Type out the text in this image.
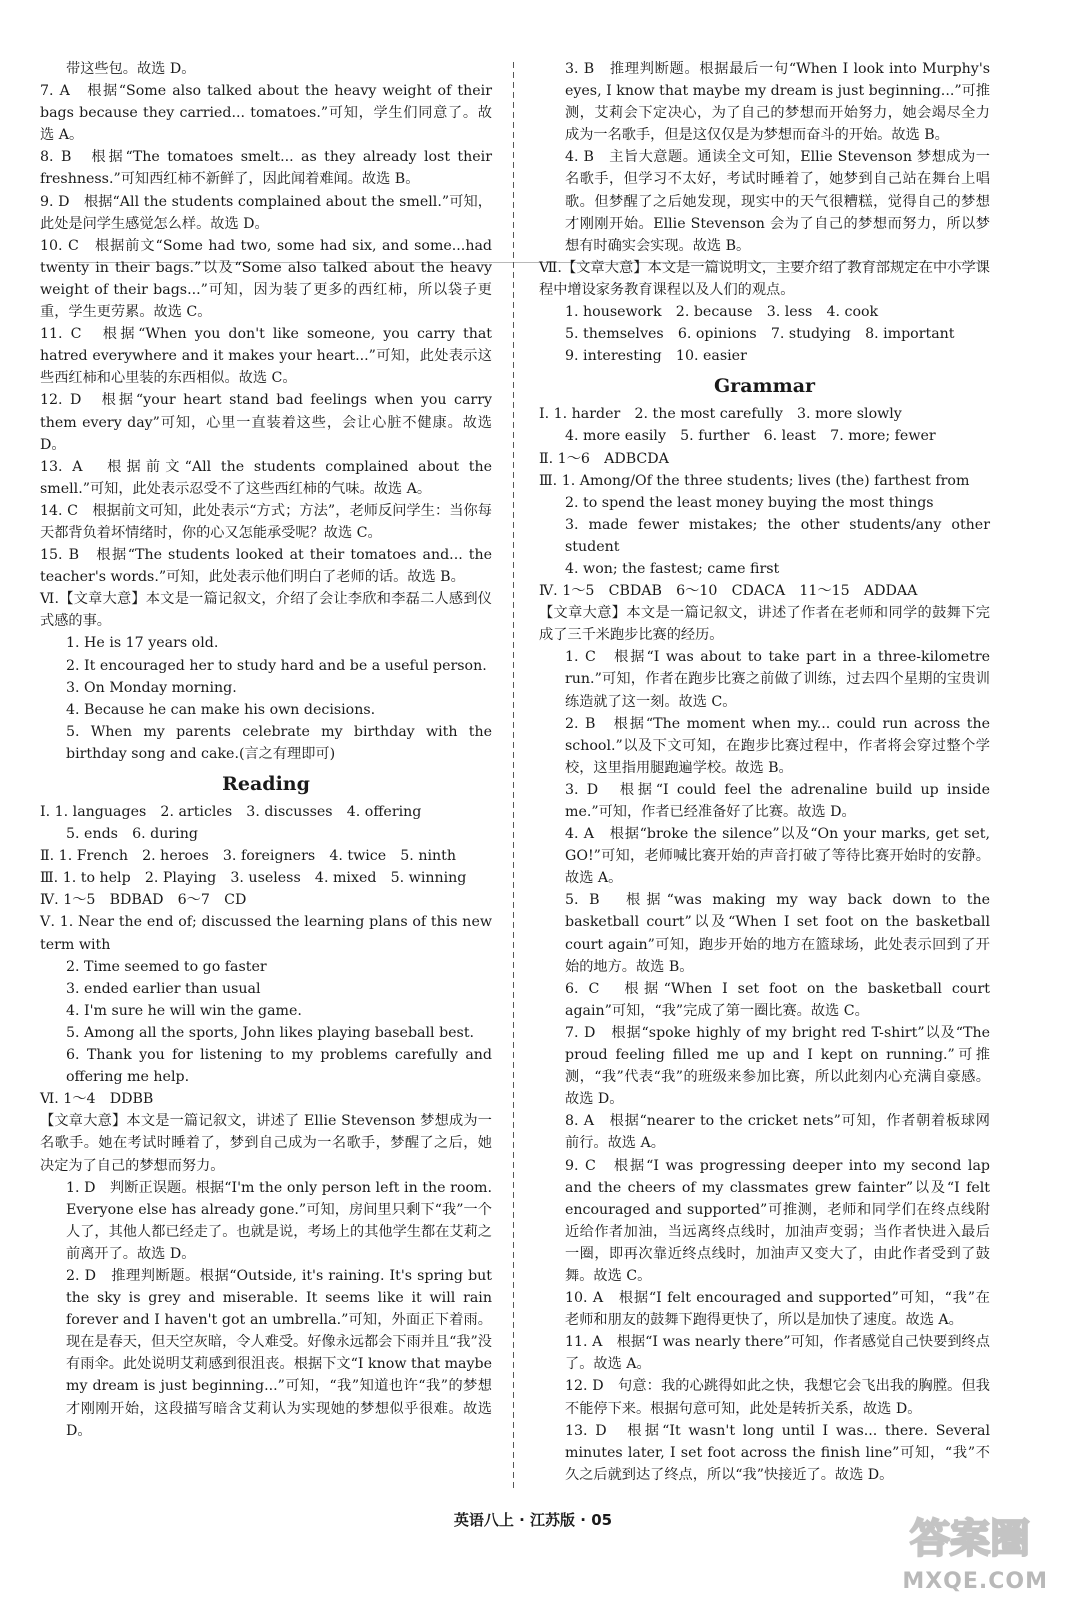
带这些包。故选 D。
7. A　根据“Some also talked about the heavy weight of their bags because they carried... tomatoes.”可知，学生们同意了。故选 A。
8. B　根据“The tomatoes smelt... as they already lost their freshness.”可知西红柿不新鲜了，因此闻着难闻。故选 B。
9. D　根据“All the students complained about the smell.”可知，此处是问学生感觉怎么样。故选 D。
10. C　根据前文“Some had two, some had six, and some...had twenty in their bags.”以及“Some also talked about the heavy weight of their bags...”可知，因为装了更多的西红柿，所以袋子更重，学生更劳累。故选 C。
11. C　根据“When you don't like someone, you carry that hatred everywhere and it makes your heart...”可知，此处表示这些西红柿和心里装的东西相似。故选 C。
12. D　根据“your heart stand bad feelings when you carry them every day”可知，心里一直装着这些，会让心脏不健康。故选 D。
13. A　根据前文“All the students complained about the smell.”可知，此处表示忍受不了这些西红柿的气味。故选 A。
14. C　根据前文可知，此处表示“方式；方法”，老师反问学生：当你每天都背负着坏情绪时，你的心又怎能承受呢？故选 C。
15. B　根据“The students looked at their tomatoes and... the teacher's words.”可知，此处表示他们明白了老师的话。故选 B。
Ⅵ.【文章大意】本文是一篇记叙文，介绍了会让李欣和李磊二人感到仪式感的事。
1. He is 17 years old.
2. It encouraged her to study hard and be a useful person.
3. On Monday morning.
4. Because he can make his own decisions.
5. When my parents celebrate my birthday with the birthday song and cake.(言之有理即可)
Reading
Ⅰ. 1. languages　2. articles　3. discusses　4. offering
5. ends　6. during
Ⅱ. 1. French　2. heroes　3. foreigners　4. twice　5. ninth
Ⅲ. 1. to help　2. Playing　3. useless　4. mixed　5. winning
Ⅳ. 1～5　BDBAD　6～7　CD
Ⅴ. 1. Near the end of; discussed the learning plans of this new term with
2. Time seemed to go faster
3. ended earlier than usual
4. I'm sure he will win the game.
5. Among all the sports, John likes playing baseball best.
6. Thank you for listening to my problems carefully and offering me help.
Ⅵ. 1～4　DDBB
【文章大意】本文是一篇记叙文，讲述了 Ellie Stevenson 梦想成为一名歌手。她在考试时睡着了，梦到自己成为一名歌手，梦醒了之后，她决定为了自己的梦想而努力。
1. D　判断正误题。根据“I'm the only person left in the room. Everyone else has already gone.”可知，房间里只剩下“我”一个人了，其他人都已经走了。也就是说，考场上的其他学生都在艾莉之前离开了。故选 D。
2. D　推理判断题。根据“Outside, it's raining. It's spring but the sky is grey and miserable. It seems like it will rain forever and I haven't got an umbrella.”可知，外面正下着雨。现在是春天，但天空灰暗，令人难受。好像永远都会下雨并且“我”没有雨伞。此处说明艾莉感到很沮丧。根据下文“I know that maybe my dream is just beginning...”可知，“我”知道也许“我”的梦想才刚刚开始，这段描写暗含艾莉认为实现她的梦想似乎很难。故选 D。
3. B　推理判断题。根据最后一句“When I look into Murphy's eyes, I know that maybe my dream is just beginning...”可推测，艾莉会下定决心，为了自己的梦想而开始努力，她会竭尽全力成为一名歌手，但是这仅仅是为梦想而奋斗的开始。故选 B。
4. B　主旨大意题。通读全文可知，Ellie Stevenson 梦想成为一名歌手，但学习不太好，考试时睡着了，她梦到自己站在舞台上唱歌。但梦醒了之后她发现，现实中的天气很糟糕，觉得自己的梦想才刚刚开始。Ellie Stevenson 会为了自己的梦想而努力，所以梦想有时确实会实现。故选 B。
Ⅶ.【文章大意】本文是一篇说明文，主要介绍了教育部规定在中小学课程中增设家务教育课程以及人们的观点。
1. housework　2. because　3. less　4. cook
5. themselves　6. opinions　7. studying　8. important
9. interesting　10. easier
Grammar
Ⅰ. 1. harder　2. the most carefully　3. more slowly
4. more easily　5. further　6. least　7. more; fewer
Ⅱ. 1～6　ADBCDA
Ⅲ. 1. Among/Of the three students; lives (the) farthest from
2. to spend the least money buying the most things
3. made fewer mistakes; the other students/any other student
4. won; the fastest; came first
Ⅳ. 1～5　CBDAB　6～10　CDACA　11～15　ADDAA
【文章大意】本文是一篇记叙文，讲述了作者在老师和同学的鼓舞下完成了三千米跑步比赛的经历。
1. C　根据“I was about to take part in a three-kilometre run.”可知，作者在跑步比赛之前做了训练，过去四个星期的宝贵训练造就了这一刻。故选 C。
2. B　根据“The moment when my... could run across the school.”以及下文可知，在跑步比赛过程中，作者将会穿过整个学校，这里指用腿跑遍学校。故选 B。
3. D　根据“I could feel the adrenaline build up inside me.”可知，作者已经准备好了比赛。故选 D。
4. A　根据“broke the silence”以及“On your marks, get set, GO!”可知，老师喊比赛开始的声音打破了等待比赛开始时的安静。故选 A。
5. B　根据“was making my way back down to the basketball court”以及“When I set foot on the basketball court again”可知，跑步开始的地方在篮球场，此处表示回到了开始的地方。故选 B。
6. C　根据“When I set foot on the basketball court again”可知，“我”完成了第一圈比赛。故选 C。
7. D　根据“spoke highly of my bright red T-shirt”以及“The proud feeling filled me up and I kept on running.”可推测，“我”代表“我”的班级来参加比赛，所以此刻内心充满自豪感。故选 D。
8. A　根据“nearer to the cricket nets”可知，作者朝着板球网前行。故选 A。
9. C　根据“I was progressing deeper into my second lap and the cheers of my classmates grew fainter”以及“I felt encouraged and supported”可推测，老师和同学们在终点线附近给作者加油，当远离终点线时，加油声变弱；当作者快进入最后一圈，即再次靠近终点线时，加油声又变大了，由此作者受到了鼓舞。故选 C。
10. A　根据“I felt encouraged and supported”可知，“我”在老师和朋友的鼓舞下跑得更快了，所以是加快了速度。故选 A。
11. A　根据“I was nearly there”可知，作者感觉自己快要到终点了。故选 A。
12. D　句意：我的心跳得如此之快，我想它会飞出我的胸膛。但我不能停下来。根据句意可知，此处是转折关系，故选 D。
13. D　根据“It wasn't long until I was... there. Several minutes later, I set foot across the finish line”可知，“我”不久之后就到达了终点，所以“我”快接近了。故选 D。
英语八上 · 江苏版 · 05	答案圈
MXQE.COM
